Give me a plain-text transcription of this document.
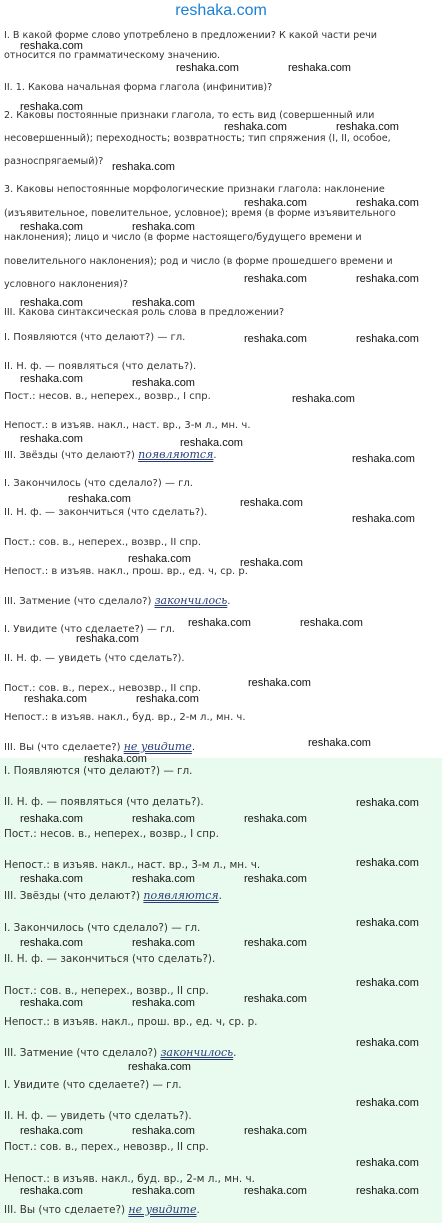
reshaka.com
I. В какой форме слово употреблено в предложении? К какой части речи
относится по грамматическому значению.
II. 1. Какова начальная форма глагола (инфинитив)?
2. Каковы постоянные признаки глагола, то есть вид (совершенный или
несовершенный); переходность; возвратность; тип спряжения (I, II, особое,
разноспрягаемый)?
3. Каковы непостоянные морфологические признаки глагола: наклонение
(изъявительное, повелительное, условное); время (в форме изъявительного
наклонения); лицо и число (в форме настоящего/будущего времени и
повелительного наклонения); род и число (в форме прошедшего времени и
условного наклонения)?
III. Какова синтаксическая роль слова в предложении?
I. Появляются (что делают?) — гл.
II. Н. ф. — появляться (что делать?).
Пост.: несов. в., неперех., возвр., I спр.
Непост.: в изъяв. накл., наст. вр., 3-м л., мн. ч.
III. Звёзды (что делают?) появляются.
I. Закончилось (что сделало?) — гл.
II. Н. ф. — закончиться (что сделать?).
Пост.: сов. в., неперех., возвр., II спр.
Непост.: в изъяв. накл., прош. вр., ед. ч, ср. р.
III. Затмение (что сделало?) закончилось.
I. Увидите (что сделаете?) — гл.
II. Н. ф. — увидеть (что сделать?).
Пост.: сов. в., перех., невозвр., II спр.
Непост.: в изъяв. накл., буд. вр., 2-м л., мн. ч.
III. Вы (что сделаете?) не увидите.
I. Появляются (что делают?) — гл.
II. Н. ф. — появляться (что делать?).
Пост.: несов. в., неперех., возвр., I спр.
Непост.: в изъяв. накл., наст. вр., 3-м л., мн. ч.
III. Звёзды (что делают?) появляются.
I. Закончилось (что сделало?) — гл.
II. Н. ф. — закончиться (что сделать?).
Пост.: сов. в., неперех., возвр., II спр.
Непост.: в изъяв. накл., прош. вр., ед. ч, ср. р.
III. Затмение (что сделало?) закончилось.
I. Увидите (что сделаете?) — гл.
II. Н. ф. — увидеть (что сделать?).
Пост.: сов. в., перех., невозвр., II спр.
Непост.: в изъяв. накл., буд. вр., 2-м л., мн. ч.
III. Вы (что сделаете?) не увидите.
reshaka.com
reshaka.com	reshaka.com
reshaka.com
reshaka.com	reshaka.com
reshaka.com
reshaka.com	reshaka.com
reshaka.com	reshaka.com
reshaka.com	reshaka.com
reshaka.com	reshaka.com
reshaka.com	reshaka.com
reshaka.com	reshaka.com
reshaka.com
reshaka.com	reshaka.com
reshaka.com
reshaka.com	reshaka.com
reshaka.com
reshaka.com	reshaka.com
reshaka.com	reshaka.com
reshaka.com
reshaka.com
reshaka.com	reshaka.com
reshaka.com
reshaka.com
reshaka.com
reshaka.com	reshaka.com	reshaka.com
reshaka.com
reshaka.com	reshaka.com	reshaka.com
reshaka.com
reshaka.com	reshaka.com	reshaka.com
reshaka.com
reshaka.com	reshaka.com	reshaka.com
reshaka.com
reshaka.com
reshaka.com
reshaka.com	reshaka.com	reshaka.com
reshaka.com
reshaka.com	reshaka.com	reshaka.com	reshaka.com
